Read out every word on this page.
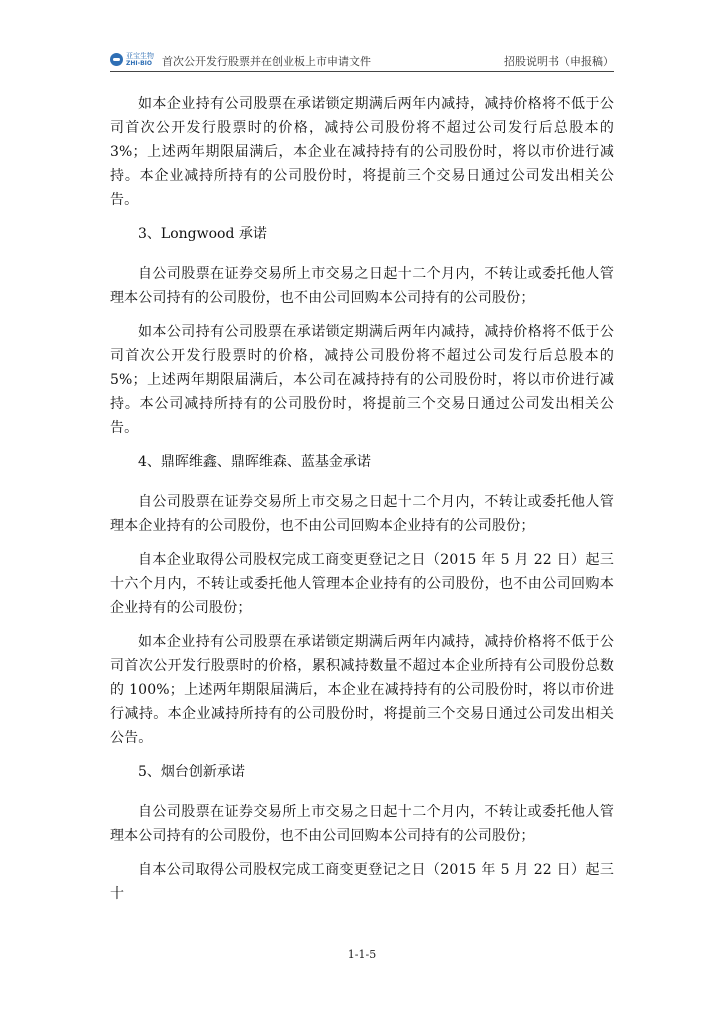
亚宝生物
ZHI-BIO 首次公开发行股票并在创业板上市申请文件	招股说明书（申报稿）

如本企业持有公司股票在承诺锁定期满后两年内减持，减持价格将不低于公司首次公开发行股票时的价格，减持公司股份将不超过公司发行后总股本的 3%；上述两年期限届满后，本企业在减持持有的公司股份时，将以市价进行减持。本企业减持所持有的公司股份时，将提前三个交易日通过公司发出相关公告。

3、Longwood 承诺

自公司股票在证券交易所上市交易之日起十二个月内，不转让或委托他人管理本公司持有的公司股份，也不由公司回购本公司持有的公司股份；

如本公司持有公司股票在承诺锁定期满后两年内减持，减持价格将不低于公司首次公开发行股票时的价格，减持公司股份将不超过公司发行后总股本的 5%；上述两年期限届满后，本公司在减持持有的公司股份时，将以市价进行减持。本公司减持所持有的公司股份时，将提前三个交易日通过公司发出相关公告。

4、鼎晖维鑫、鼎晖维森、蓝基金承诺

自公司股票在证券交易所上市交易之日起十二个月内，不转让或委托他人管理本企业持有的公司股份，也不由公司回购本企业持有的公司股份；

自本企业取得公司股权完成工商变更登记之日（2015 年 5 月 22 日）起三十六个月内，不转让或委托他人管理本企业持有的公司股份，也不由公司回购本企业持有的公司股份；

如本企业持有公司股票在承诺锁定期满后两年内减持，减持价格将不低于公司首次公开发行股票时的价格，累积减持数量不超过本企业所持有公司股份总数的 100%；上述两年期限届满后，本企业在减持持有的公司股份时，将以市价进行减持。本企业减持所持有的公司股份时，将提前三个交易日通过公司发出相关公告。

5、烟台创新承诺

自公司股票在证券交易所上市交易之日起十二个月内，不转让或委托他人管理本公司持有的公司股份，也不由公司回购本公司持有的公司股份；

自本公司取得公司股权完成工商变更登记之日（2015 年 5 月 22 日）起三十

1-1-5
